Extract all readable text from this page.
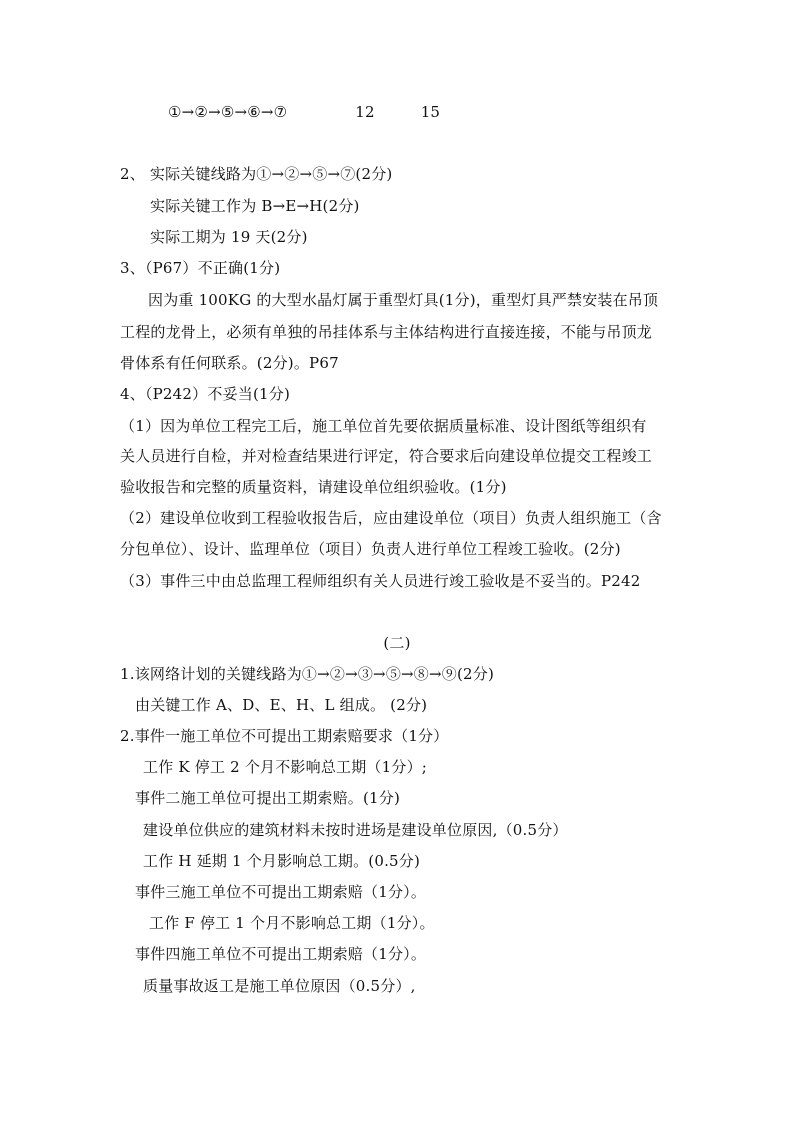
①→②→⑤→⑥→⑦	12	15
2、 实际关键线路为①→②→⑤→⑦(2分)
实际关键工作为 B→E→H(2分)
实际工期为 19 天(2分)
3、（P67）不正确(1分)
因为重 100KG 的大型水晶灯属于重型灯具(1分)，重型灯具严禁安装在吊顶
工程的龙骨上，必须有单独的吊挂体系与主体结构进行直接连接，不能与吊顶龙
骨体系有任何联系。(2分)。P67
4、（P242）不妥当(1分)
（1）因为单位工程完工后，施工单位首先要依据质量标准、设计图纸等组织有
关人员进行自检，并对检查结果进行评定，符合要求后向建设单位提交工程竣工
验收报告和完整的质量资料，请建设单位组织验收。(1分)
（2）建设单位收到工程验收报告后，应由建设单位（项目）负责人组织施工（含
分包单位）、设计、监理单位（项目）负责人进行单位工程竣工验收。(2分)
（3）事件三中由总监理工程师组织有关人员进行竣工验收是不妥当的。P242
(二)
1.该网络计划的关键线路为①→②→③→⑤→⑧→⑨(2分)
由关键工作 A、D、E、H、L 组成。 (2分)
2.事件一施工单位不可提出工期索赔要求（1分）
工作 K 停工 2 个月不影响总工期（1分）;
事件二施工单位可提出工期索赔。(1分)
建设单位供应的建筑材料未按时进场是建设单位原因,（0.5分）
工作 H 延期 1 个月影响总工期。(0.5分)
事件三施工单位不可提出工期索赔（1分）。
工作 F 停工 1 个月不影响总工期（1分）。
事件四施工单位不可提出工期索赔（1分）。
质量事故返工是施工单位原因（0.5分）,
